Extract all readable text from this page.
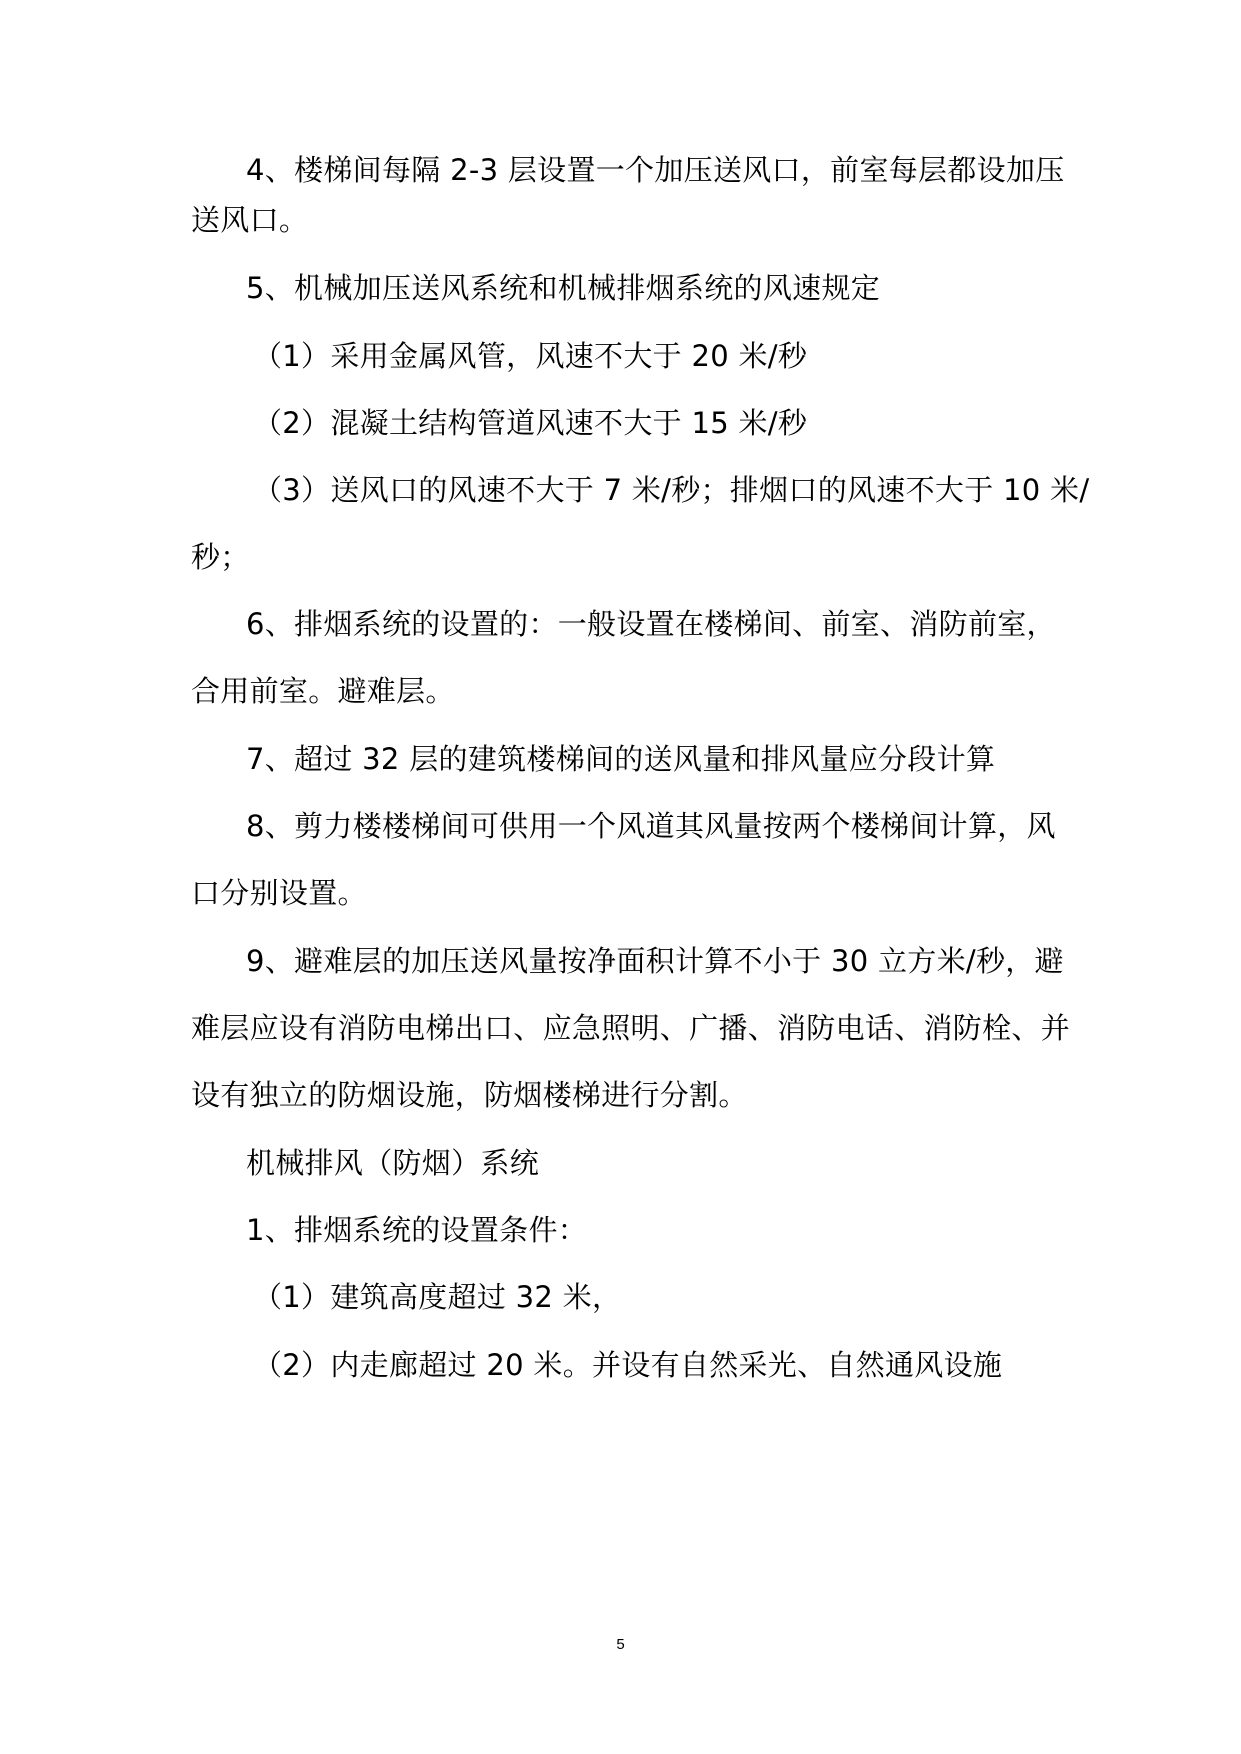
4、楼梯间每隔 2-3 层设置一个加压送风口，前室每层都设加压
送风口。
5、机械加压送风系统和机械排烟系统的风速规定
（1）采用金属风管，风速不大于 20 米/秒
（2）混凝土结构管道风速不大于 15 米/秒
（3）送风口的风速不大于 7 米/秒；排烟口的风速不大于 10 米/
秒；
6、排烟系统的设置的：一般设置在楼梯间、前室、消防前室，
合用前室。避难层。
7、超过 32 层的建筑楼梯间的送风量和排风量应分段计算
8、剪力楼楼梯间可供用一个风道其风量按两个楼梯间计算，风
口分别设置。
9、避难层的加压送风量按净面积计算不小于 30 立方米/秒，避
难层应设有消防电梯出口、应急照明、广播、消防电话、消防栓、并
设有独立的防烟设施，防烟楼梯进行分割。
机械排风（防烟）系统
1、排烟系统的设置条件：
（1）建筑高度超过 32 米，
（2）内走廊超过 20 米。并设有自然采光、自然通风设施
5
